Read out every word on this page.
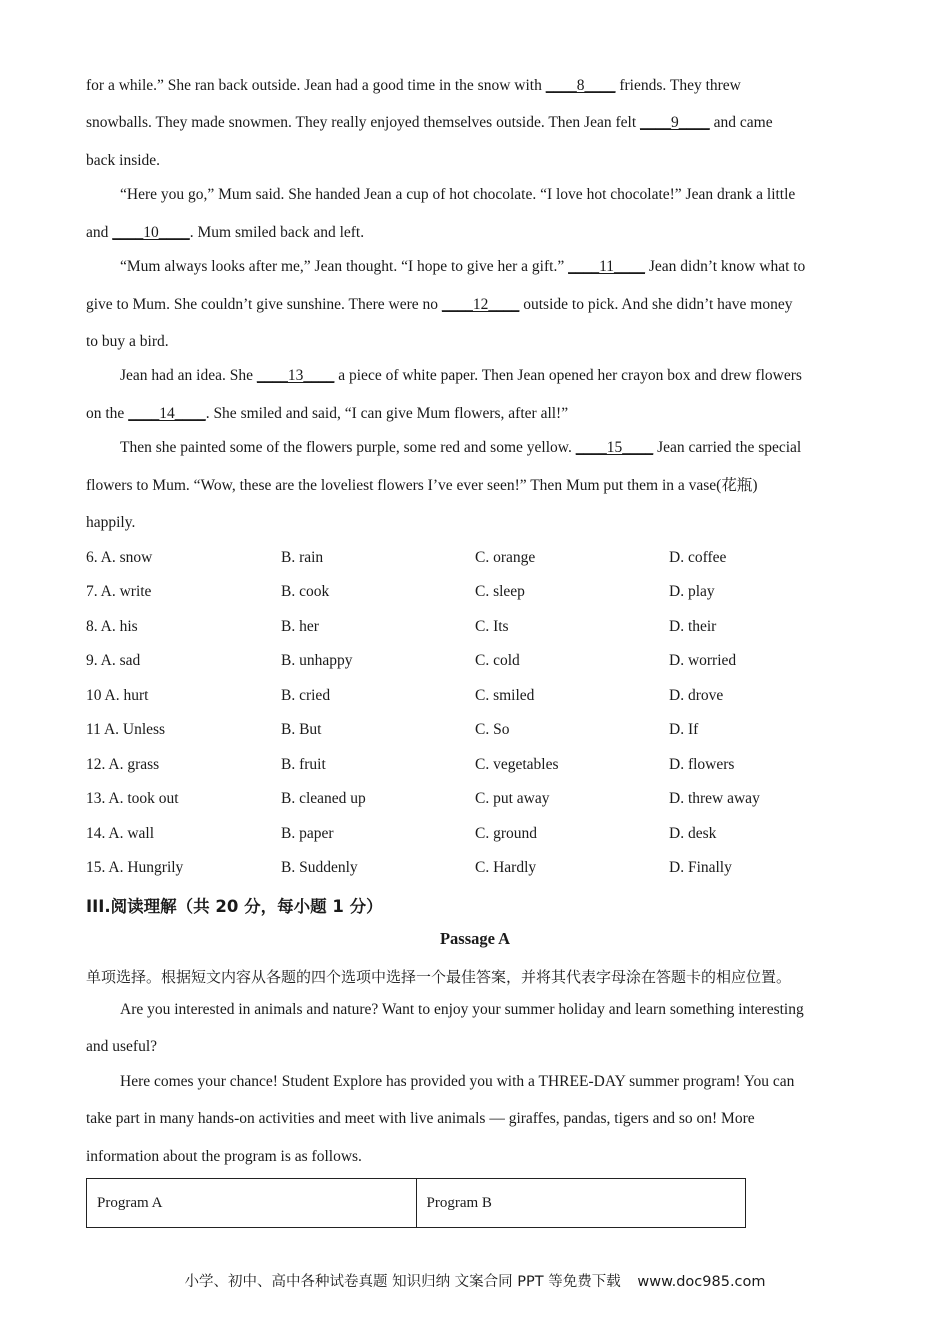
for a while.” She ran back outside. Jean had a good time in the snow with ____8____ friends. They threw
snowballs. They made snowmen. They really enjoyed themselves outside. Then Jean felt ____9____ and came
back inside.
“Here you go,” Mum said. She handed Jean a cup of hot chocolate. “I love hot chocolate!” Jean drank a little
and ____10____. Mum smiled back and left.
“Mum always looks after me,” Jean thought. “I hope to give her a gift.” ____11____ Jean didn’t know what to
give to Mum. She couldn’t give sunshine. There were no ____12____ outside to pick. And she didn’t have money
to buy a bird.
Jean had an idea. She ____13____ a piece of white paper. Then Jean opened her crayon box and drew flowers
on the ____14____. She smiled and said, “I can give Mum flowers, after all!”
Then she painted some of the flowers purple, some red and some yellow. ____15____ Jean carried the special
flowers to Mum. “Wow, these are the loveliest flowers I’ve ever seen!” Then Mum put them in a vase(花瓶)
happily.
6. A. snow	B. rain	C. orange	D. coffee
7. A. write	B. cook	C. sleep	D. play
8. A. his	B. her	C. Its	D. their
9. A. sad	B. unhappy	C. cold	D. worried
10 A. hurt	B. cried	C. smiled	D. drove
11 A. Unless	B. But	C. So	D. If
12. A. grass	B. fruit	C. vegetables	D. flowers
13. A. took out	B. cleaned up	C. put away	D. threw away
14. A. wall	B. paper	C. ground	D. desk
15. A. Hungrily	B. Suddenly	C. Hardly	D. Finally
III.阅读理解（共 20 分，每小题 1 分）
Passage A
单项选择。根据短文内容从各题的四个选项中选择一个最佳答案，并将其代表字母涂在答题卡的相应位置。
Are you interested in animals and nature? Want to enjoy your summer holiday and learn something interesting
and useful?
Here comes your chance! Student Explore has provided you with a THREE-DAY summer program! You can
take part in many hands-on activities and meet with live animals — giraffes, pandas, tigers and so on! More
information about the program is as follows.
Program A	Program B
小学、初中、高中各种试卷真题 知识归纳 文案合同 PPT 等免费下载 www.doc985.com
